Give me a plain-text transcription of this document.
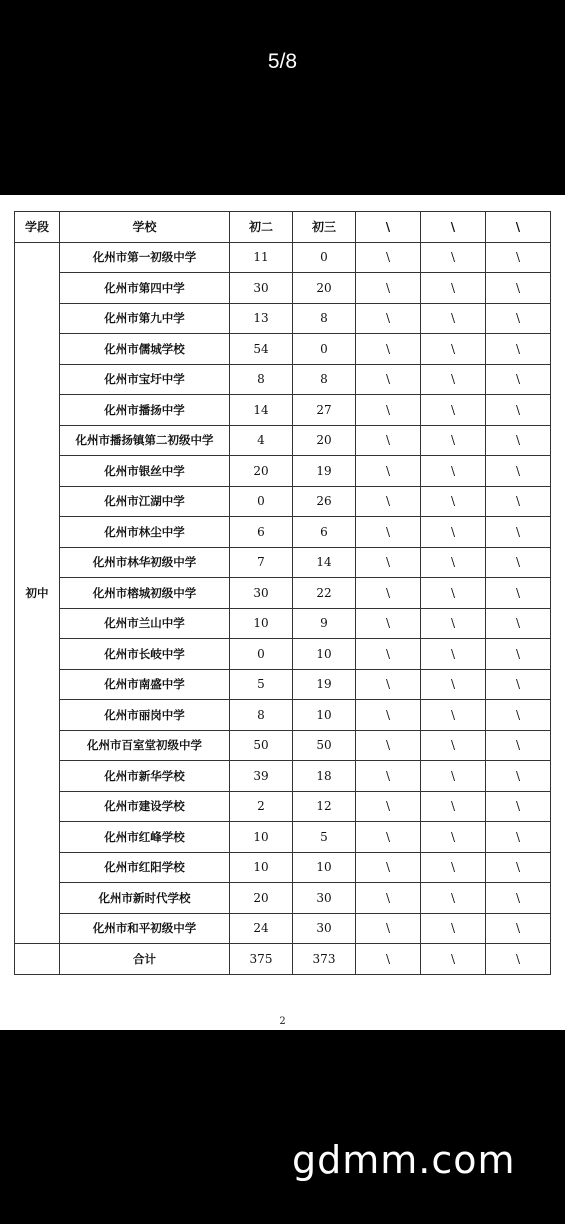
5/8
学段	学校	初二	初三	\	\	\
初中	化州市第一初级中学	11	0	\	\	\
	化州市第四中学	30	20	\	\	\
	化州市第九中学	13	8	\	\	\
	化州市儒城学校	54	0	\	\	\
	化州市宝圩中学	8	8	\	\	\
	化州市播扬中学	14	27	\	\	\
	化州市播扬镇第二初级中学	4	20	\	\	\
	化州市银丝中学	20	19	\	\	\
	化州市江湖中学	0	26	\	\	\
	化州市林尘中学	6	6	\	\	\
	化州市林华初级中学	7	14	\	\	\
	化州市榕城初级中学	30	22	\	\	\
	化州市兰山中学	10	9	\	\	\
	化州市长岐中学	0	10	\	\	\
	化州市南盛中学	5	19	\	\	\
	化州市丽岗中学	8	10	\	\	\
	化州市百室堂初级中学	50	50	\	\	\
	化州市新华学校	39	18	\	\	\
	化州市建设学校	2	12	\	\	\
	化州市红峰学校	10	5	\	\	\
	化州市红阳学校	10	10	\	\	\
	化州市新时代学校	20	30	\	\	\
	化州市和平初级中学	24	30	\	\	\
	合计	375	373	\	\	\
2
gdmm.com
